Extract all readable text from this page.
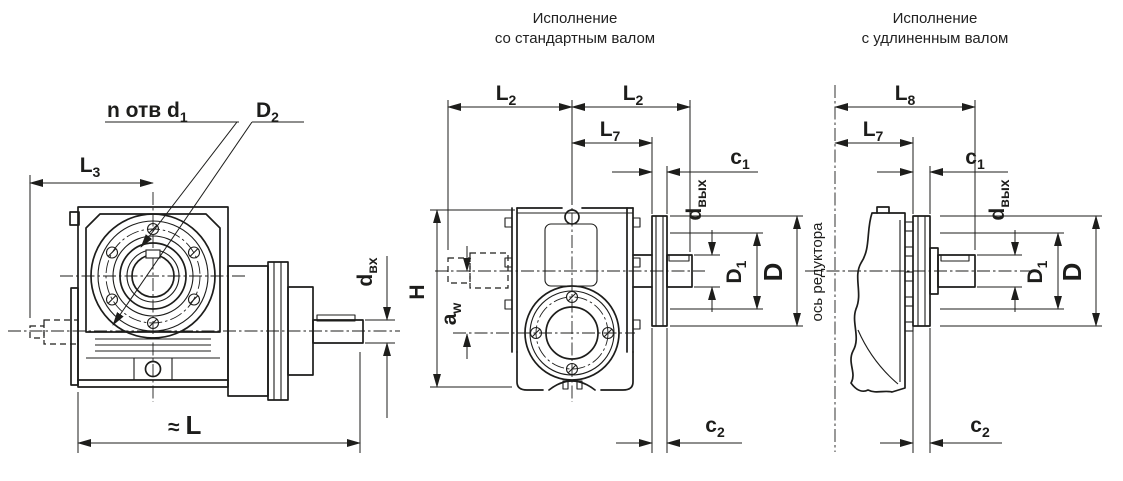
Исполнение
со стандартным валом
Исполнение
с удлиненным валом
n отв $d_1$	$D_2$
$L_3$
$d_{вх}$
≈ L
$L_2$	$L_2$
$L_7$
$c_1$
$c_2$
$d_{вых}$
$D_1$ D
H
$a_w$
$L_8$
$L_7$
$c_1$
$c_2$
$d_{вых}$
$D_1$ D
ось редуктора
